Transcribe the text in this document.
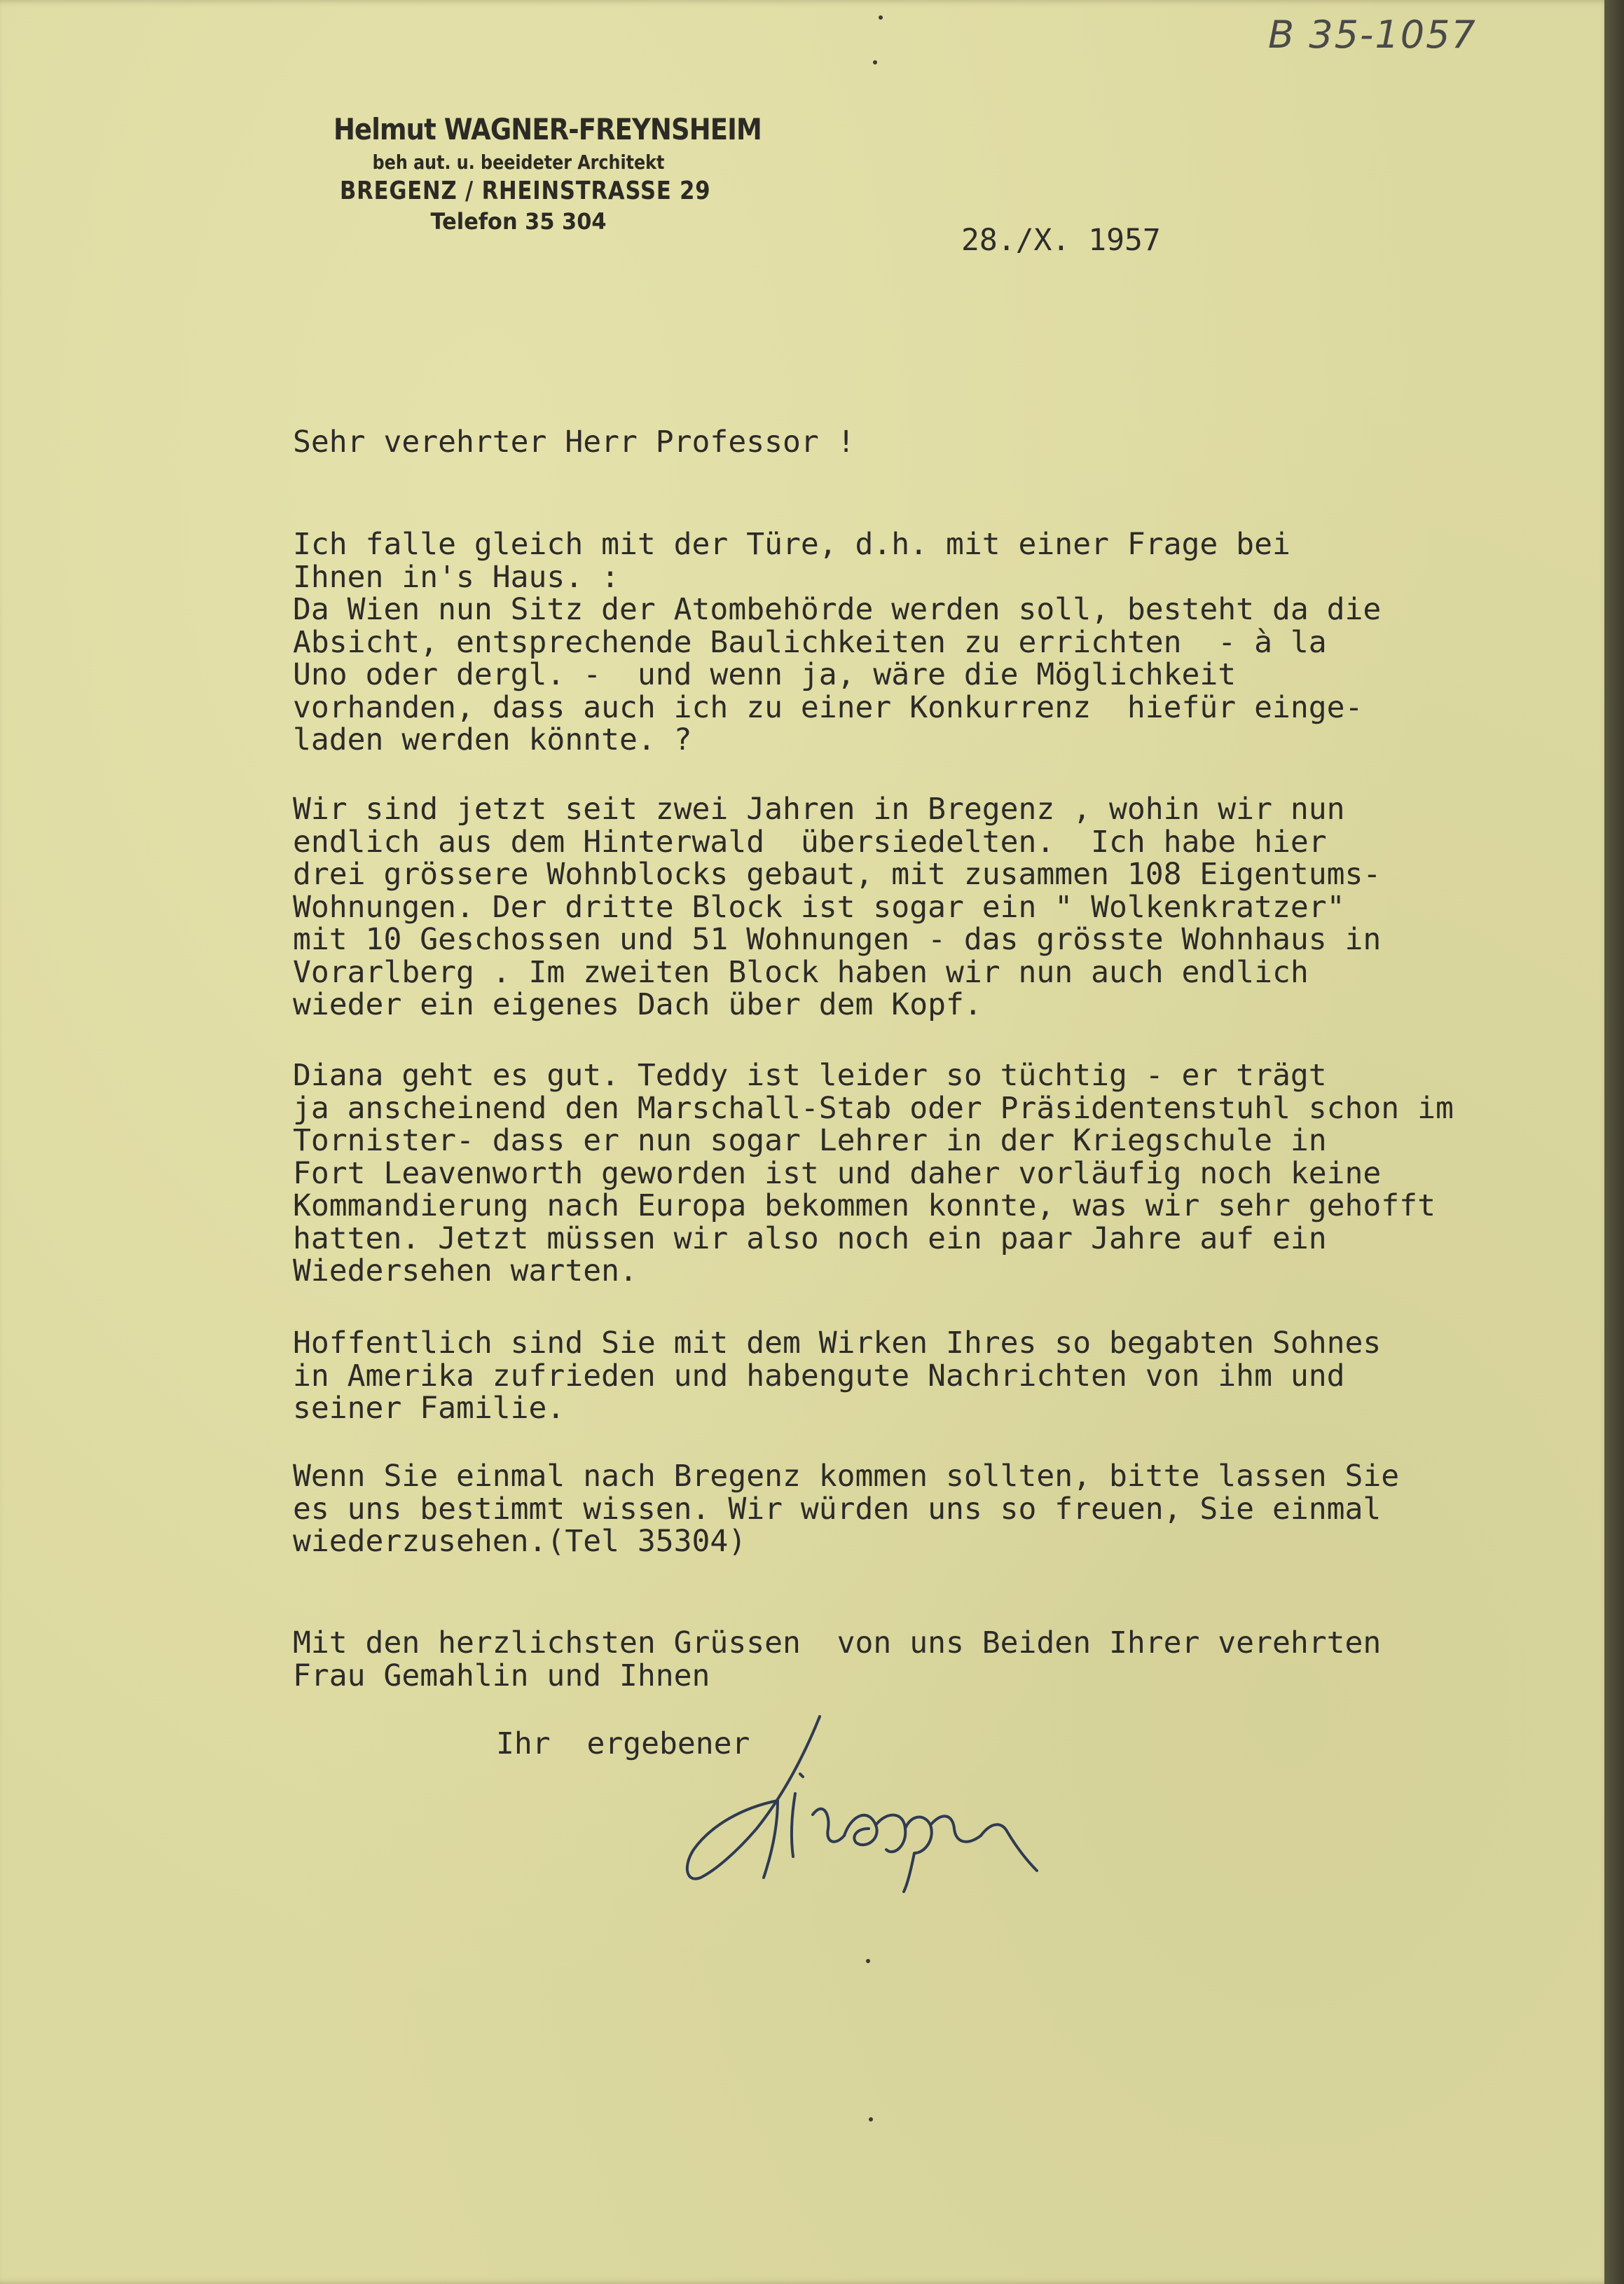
B 35-1057
Helmut WAGNER-FREYNSHEIM
beh aut. u. beeideter Architekt
BREGENZ / RHEINSTRASSE 29
Telefon 35 304
28./X. 1957
Sehr verehrter Herr Professor !
Ich falle gleich mit der Türe, d.h. mit einer Frage bei
Ihnen in's Haus. :
Da Wien nun Sitz der Atombehörde werden soll, besteht da die
Absicht, entsprechende Baulichkeiten zu errichten  - à la
Uno oder dergl. -  und wenn ja, wäre die Möglichkeit
vorhanden, dass auch ich zu einer Konkurrenz  hiefür einge-
laden werden könnte. ?
Wir sind jetzt seit zwei Jahren in Bregenz , wohin wir nun
endlich aus dem Hinterwald  übersiedelten.  Ich habe hier
drei grössere Wohnblocks gebaut, mit zusammen 108 Eigentums-
Wohnungen. Der dritte Block ist sogar ein " Wolkenkratzer"
mit 10 Geschossen und 51 Wohnungen - das grösste Wohnhaus in
Vorarlberg . Im zweiten Block haben wir nun auch endlich
wieder ein eigenes Dach über dem Kopf.
Diana geht es gut. Teddy ist leider so tüchtig - er trägt
ja anscheinend den Marschall-Stab oder Präsidentenstuhl schon im
Tornister- dass er nun sogar Lehrer in der Kriegschule in
Fort Leavenworth geworden ist und daher vorläufig noch keine
Kommandierung nach Europa bekommen konnte, was wir sehr gehofft
hatten. Jetzt müssen wir also noch ein paar Jahre auf ein
Wiedersehen warten.
Hoffentlich sind Sie mit dem Wirken Ihres so begabten Sohnes
in Amerika zufrieden und habengute Nachrichten von ihm und
seiner Familie.
Wenn Sie einmal nach Bregenz kommen sollten, bitte lassen Sie
es uns bestimmt wissen. Wir würden uns so freuen, Sie einmal
wiederzusehen.(Tel 35304)
Mit den herzlichsten Grüssen  von uns Beiden Ihrer verehrten
Frau Gemahlin und Ihnen
Ihr  ergebener
